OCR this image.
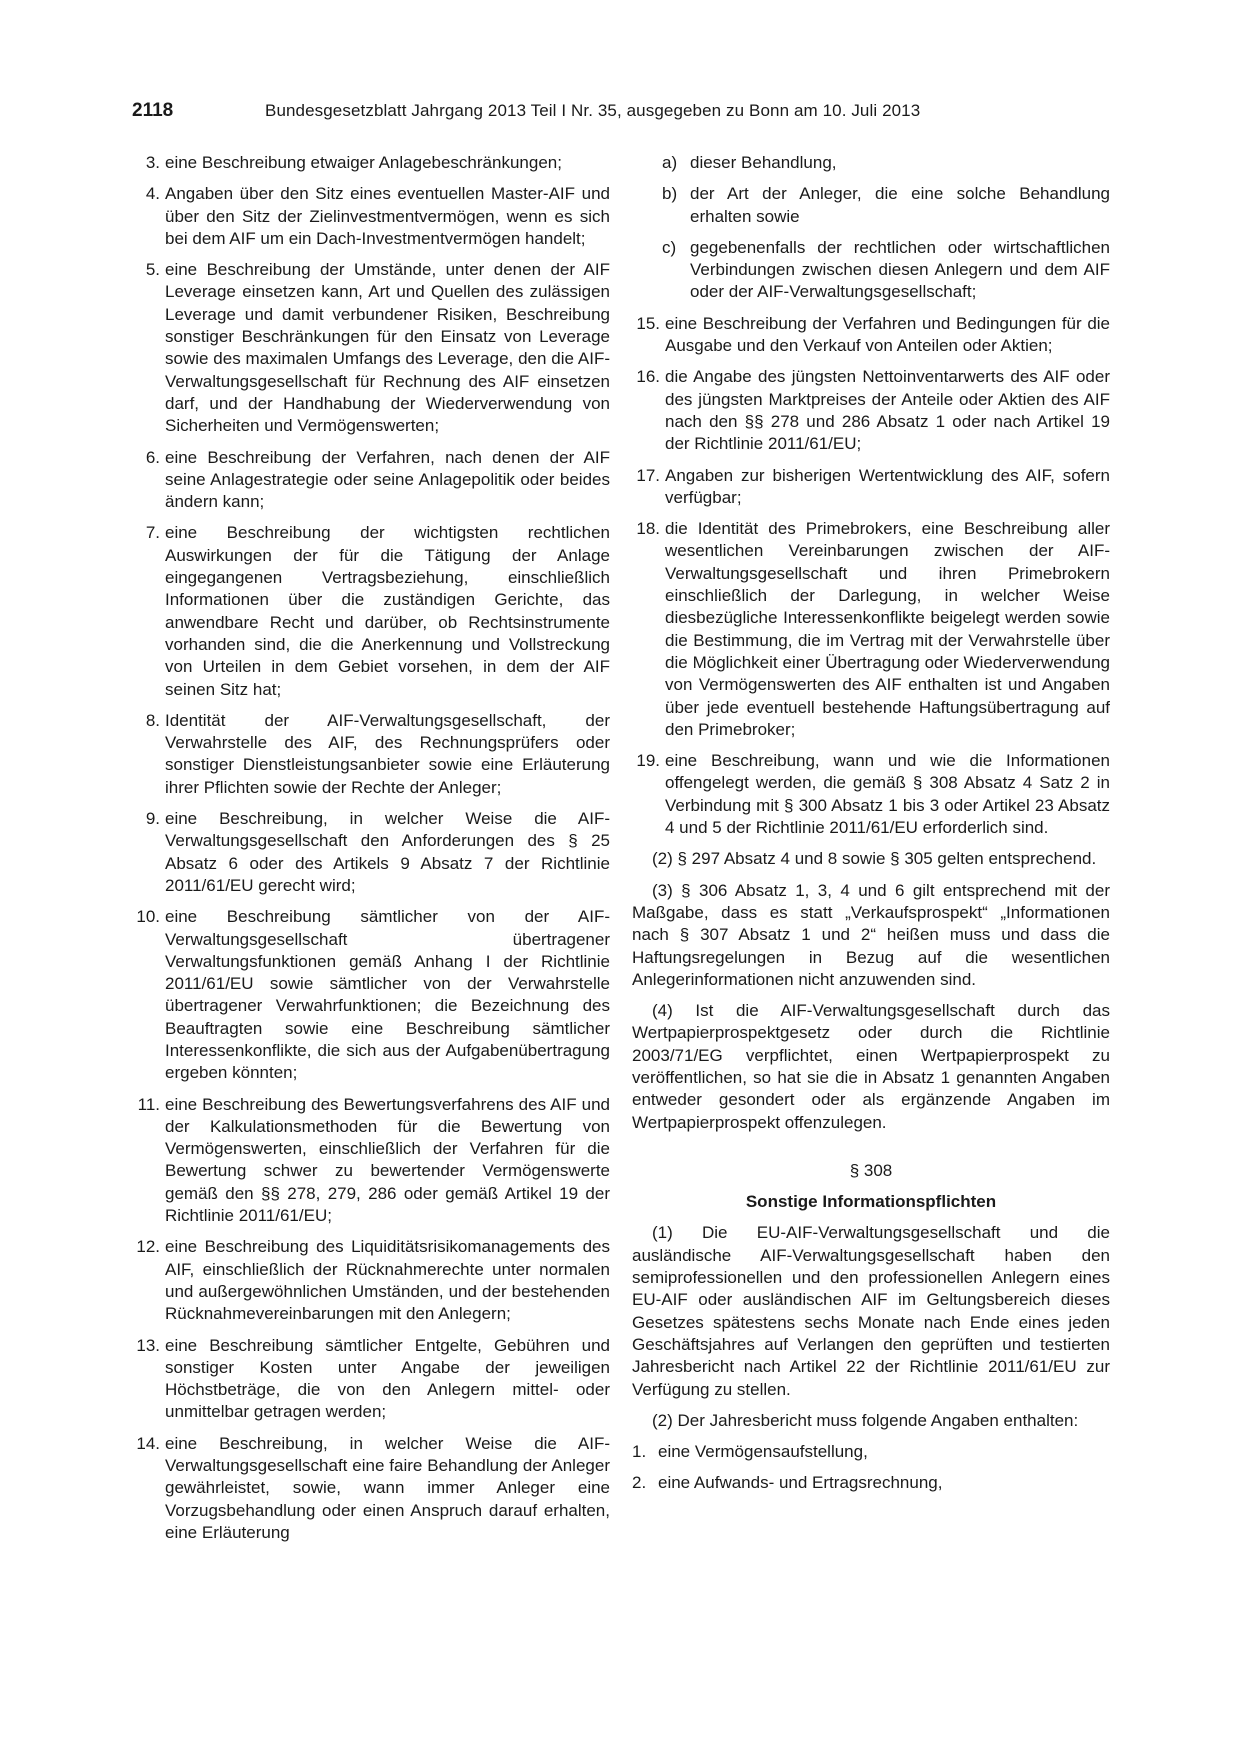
2118	Bundesgesetzblatt Jahrgang 2013 Teil I Nr. 35, ausgegeben zu Bonn am 10. Juli 2013
3. eine Beschreibung etwaiger Anlagebeschränkungen;
4. Angaben über den Sitz eines eventuellen Master-AIF und über den Sitz der Zielinvestmentvermögen, wenn es sich bei dem AIF um ein Dach-Investmentvermögen handelt;
5. eine Beschreibung der Umstände, unter denen der AIF Leverage einsetzen kann, Art und Quellen des zulässigen Leverage und damit verbundener Risiken, Beschreibung sonstiger Beschränkungen für den Einsatz von Leverage sowie des maximalen Umfangs des Leverage, den die AIF-Verwaltungsgesellschaft für Rechnung des AIF einsetzen darf, und der Handhabung der Wiederverwendung von Sicherheiten und Vermögenswerten;
6. eine Beschreibung der Verfahren, nach denen der AIF seine Anlagestrategie oder seine Anlagepolitik oder beides ändern kann;
7. eine Beschreibung der wichtigsten rechtlichen Auswirkungen der für die Tätigung der Anlage eingegangenen Vertragsbeziehung, einschließlich Informationen über die zuständigen Gerichte, das anwendbare Recht und darüber, ob Rechtsinstrumente vorhanden sind, die die Anerkennung und Vollstreckung von Urteilen in dem Gebiet vorsehen, in dem der AIF seinen Sitz hat;
8. Identität der AIF-Verwaltungsgesellschaft, der Verwahrstelle des AIF, des Rechnungsprüfers oder sonstiger Dienstleistungsanbieter sowie eine Erläuterung ihrer Pflichten sowie der Rechte der Anleger;
9. eine Beschreibung, in welcher Weise die AIF-Verwaltungsgesellschaft den Anforderungen des § 25 Absatz 6 oder des Artikels 9 Absatz 7 der Richtlinie 2011/61/EU gerecht wird;
10. eine Beschreibung sämtlicher von der AIF-Verwaltungsgesellschaft übertragener Verwaltungsfunktionen gemäß Anhang I der Richtlinie 2011/61/EU sowie sämtlicher von der Verwahrstelle übertragener Verwahrfunktionen; die Bezeichnung des Beauftragten sowie eine Beschreibung sämtlicher Interessenkonflikte, die sich aus der Aufgabenübertragung ergeben könnten;
11. eine Beschreibung des Bewertungsverfahrens des AIF und der Kalkulationsmethoden für die Bewertung von Vermögenswerten, einschließlich der Verfahren für die Bewertung schwer zu bewertender Vermögenswerte gemäß den §§ 278, 279, 286 oder gemäß Artikel 19 der Richtlinie 2011/61/EU;
12. eine Beschreibung des Liquiditätsrisikomanagements des AIF, einschließlich der Rücknahmerechte unter normalen und außergewöhnlichen Umständen, und der bestehenden Rücknahmevereinbarungen mit den Anlegern;
13. eine Beschreibung sämtlicher Entgelte, Gebühren und sonstiger Kosten unter Angabe der jeweiligen Höchstbeträge, die von den Anlegern mittel- oder unmittelbar getragen werden;
14. eine Beschreibung, in welcher Weise die AIF-Verwaltungsgesellschaft eine faire Behandlung der Anleger gewährleistet, sowie, wann immer Anleger eine Vorzugsbehandlung oder einen Anspruch darauf erhalten, eine Erläuterung
a) dieser Behandlung,
b) der Art der Anleger, die eine solche Behandlung erhalten sowie
c) gegebenenfalls der rechtlichen oder wirtschaftlichen Verbindungen zwischen diesen Anlegern und dem AIF oder der AIF-Verwaltungsgesellschaft;
15. eine Beschreibung der Verfahren und Bedingungen für die Ausgabe und den Verkauf von Anteilen oder Aktien;
16. die Angabe des jüngsten Nettoinventarwerts des AIF oder des jüngsten Marktpreises der Anteile oder Aktien des AIF nach den §§ 278 und 286 Absatz 1 oder nach Artikel 19 der Richtlinie 2011/61/EU;
17. Angaben zur bisherigen Wertentwicklung des AIF, sofern verfügbar;
18. die Identität des Primebrokers, eine Beschreibung aller wesentlichen Vereinbarungen zwischen der AIF-Verwaltungsgesellschaft und ihren Primebrokern einschließlich der Darlegung, in welcher Weise diesbezügliche Interessenkonflikte beigelegt werden sowie die Bestimmung, die im Vertrag mit der Verwahrstelle über die Möglichkeit einer Übertragung oder Wiederverwendung von Vermögenswerten des AIF enthalten ist und Angaben über jede eventuell bestehende Haftungsübertragung auf den Primebroker;
19. eine Beschreibung, wann und wie die Informationen offengelegt werden, die gemäß § 308 Absatz 4 Satz 2 in Verbindung mit § 300 Absatz 1 bis 3 oder Artikel 23 Absatz 4 und 5 der Richtlinie 2011/61/EU erforderlich sind.
(2) § 297 Absatz 4 und 8 sowie § 305 gelten entsprechend.
(3) § 306 Absatz 1, 3, 4 und 6 gilt entsprechend mit der Maßgabe, dass es statt „Verkaufsprospekt“ „Informationen nach § 307 Absatz 1 und 2“ heißen muss und dass die Haftungsregelungen in Bezug auf die wesentlichen Anlegerinformationen nicht anzuwenden sind.
(4) Ist die AIF-Verwaltungsgesellschaft durch das Wertpapierprospektgesetz oder durch die Richtlinie 2003/71/EG verpflichtet, einen Wertpapierprospekt zu veröffentlichen, so hat sie die in Absatz 1 genannten Angaben entweder gesondert oder als ergänzende Angaben im Wertpapierprospekt offenzulegen.
§ 308
Sonstige Informationspflichten
(1) Die EU-AIF-Verwaltungsgesellschaft und die ausländische AIF-Verwaltungsgesellschaft haben den semiprofessionellen und den professionellen Anlegern eines EU-AIF oder ausländischen AIF im Geltungsbereich dieses Gesetzes spätestens sechs Monate nach Ende eines jeden Geschäftsjahres auf Verlangen den geprüften und testierten Jahresbericht nach Artikel 22 der Richtlinie 2011/61/EU zur Verfügung zu stellen.
(2) Der Jahresbericht muss folgende Angaben enthalten:
1. eine Vermögensaufstellung,
2. eine Aufwands- und Ertragsrechnung,
